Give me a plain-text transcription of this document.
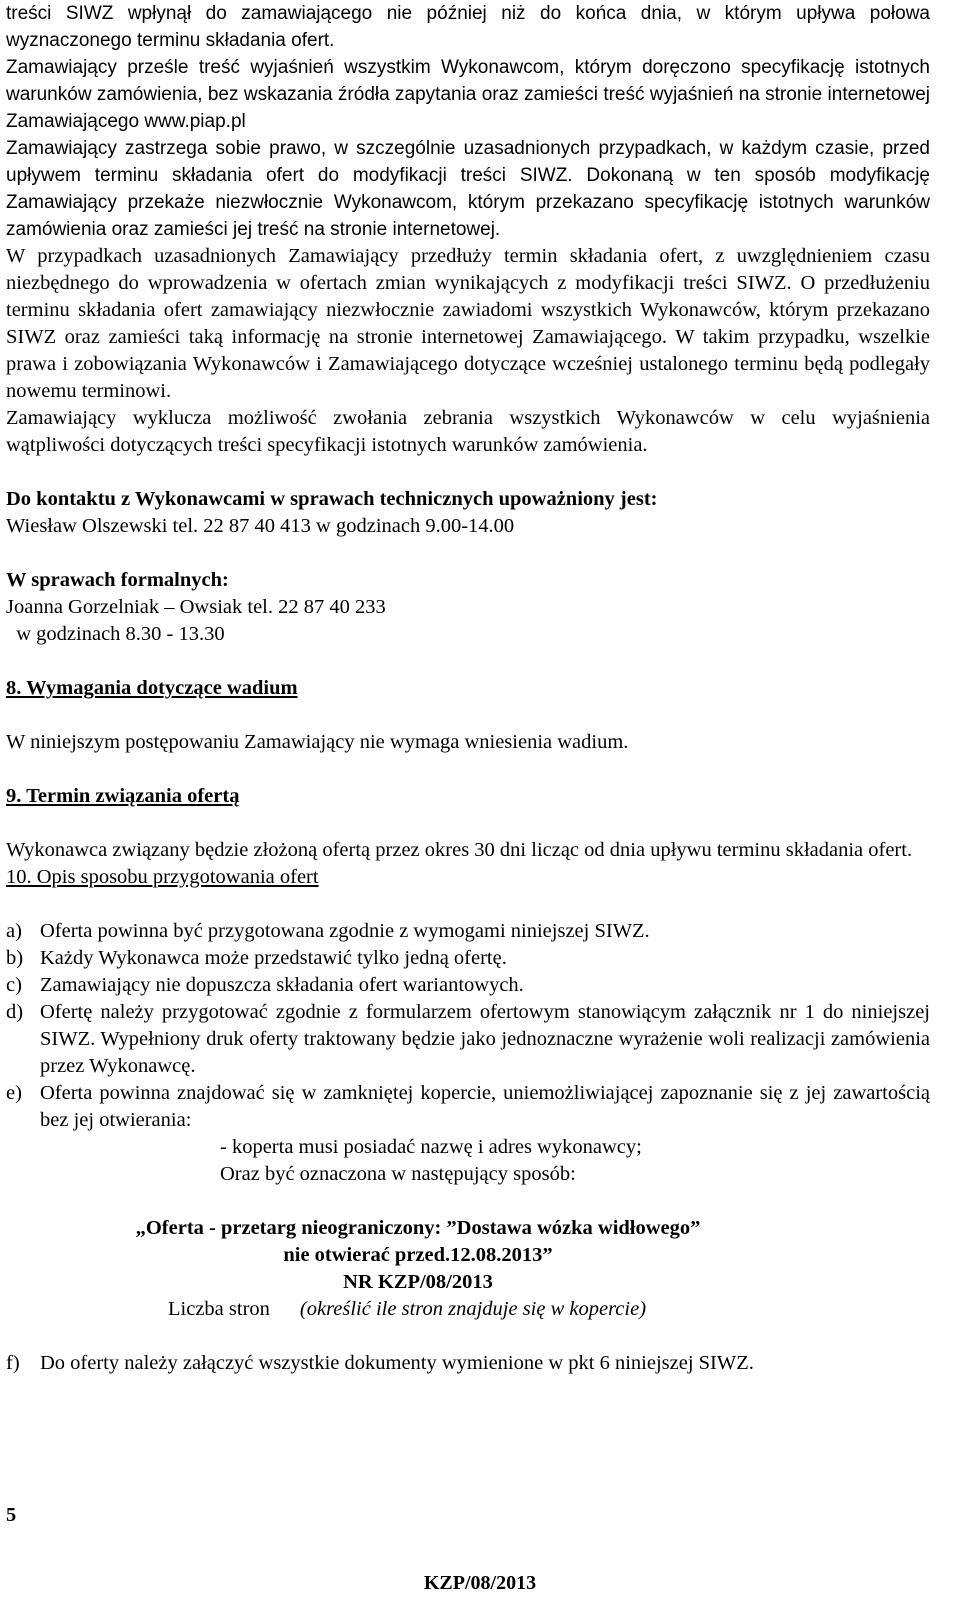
treści SIWZ wpłynął do zamawiającego nie później niż do końca dnia, w którym upływa połowa wyznaczonego terminu składania ofert.

Zamawiający prześle treść wyjaśnień wszystkim Wykonawcom, którym doręczono specyfikację istotnych warunków zamówienia, bez wskazania źródła zapytania oraz zamieści treść wyjaśnień na stronie internetowej Zamawiającego www.piap.pl

Zamawiający zastrzega sobie prawo, w szczególnie uzasadnionych przypadkach, w każdym czasie, przed upływem terminu składania ofert do modyfikacji treści SIWZ. Dokonaną w ten sposób modyfikację Zamawiający przekaże niezwłocznie Wykonawcom, którym przekazano specyfikację istotnych warunków zamówienia oraz zamieści jej treść na stronie internetowej.

W przypadkach uzasadnionych Zamawiający przedłuży termin składania ofert, z uwzględnieniem czasu niezbędnego do wprowadzenia w ofertach zmian wynikających z modyfikacji treści SIWZ. O przedłużeniu terminu składania ofert zamawiający niezwłocznie zawiadomi wszystkich Wykonawców, którym przekazano SIWZ oraz zamieści taką informację na stronie internetowej Zamawiającego. W takim przypadku, wszelkie prawa i zobowiązania Wykonawców i Zamawiającego dotyczące wcześniej ustalonego terminu będą podlegały nowemu terminowi.

Zamawiający wyklucza możliwość zwołania zebrania wszystkich Wykonawców w celu wyjaśnienia wątpliwości dotyczących treści specyfikacji istotnych warunków zamówienia.

Do kontaktu z Wykonawcami w sprawach technicznych upoważniony jest:

Wiesław Olszewski tel. 22 87 40 413 w godzinach 9.00-14.00

W sprawach formalnych:

Joanna Gorzelniak – Owsiak tel. 22 87 40 233

w godzinach 8.30 - 13.30

8. Wymagania dotyczące wadium

W niniejszym postępowaniu Zamawiający nie wymaga wniesienia wadium.

9. Termin związania ofertą

Wykonawca związany będzie złożoną ofertą przez okres 30 dni licząc od dnia upływu terminu składania ofert.

10. Opis sposobu przygotowania ofert

a) Oferta powinna być przygotowana zgodnie z wymogami niniejszej SIWZ.
b) Każdy Wykonawca może przedstawić tylko jedną ofertę.
c) Zamawiający nie dopuszcza składania ofert wariantowych.
d) Ofertę należy przygotować zgodnie z formularzem ofertowym stanowiącym załącznik nr 1 do niniejszej SIWZ. Wypełniony druk oferty traktowany będzie jako jednoznaczne wyrażenie woli realizacji zamówienia przez Wykonawcę.
e) Oferta powinna znajdować się w zamkniętej kopercie, uniemożliwiającej zapoznanie się z jej zawartością bez jej otwierania:

- koperta musi posiadać nazwę i adres wykonawcy;

Oraz być oznaczona w następujący sposób:

„Oferta - przetarg nieograniczony: ”Dostawa wózka widłowego”

nie otwierać przed.12.08.2013”

NR KZP/08/2013

Liczba stron (określić ile stron znajduje się w kopercie)

f) Do oferty należy załączyć wszystkie dokumenty wymienione w pkt 6 niniejszej SIWZ.
5
KZP/08/2013
